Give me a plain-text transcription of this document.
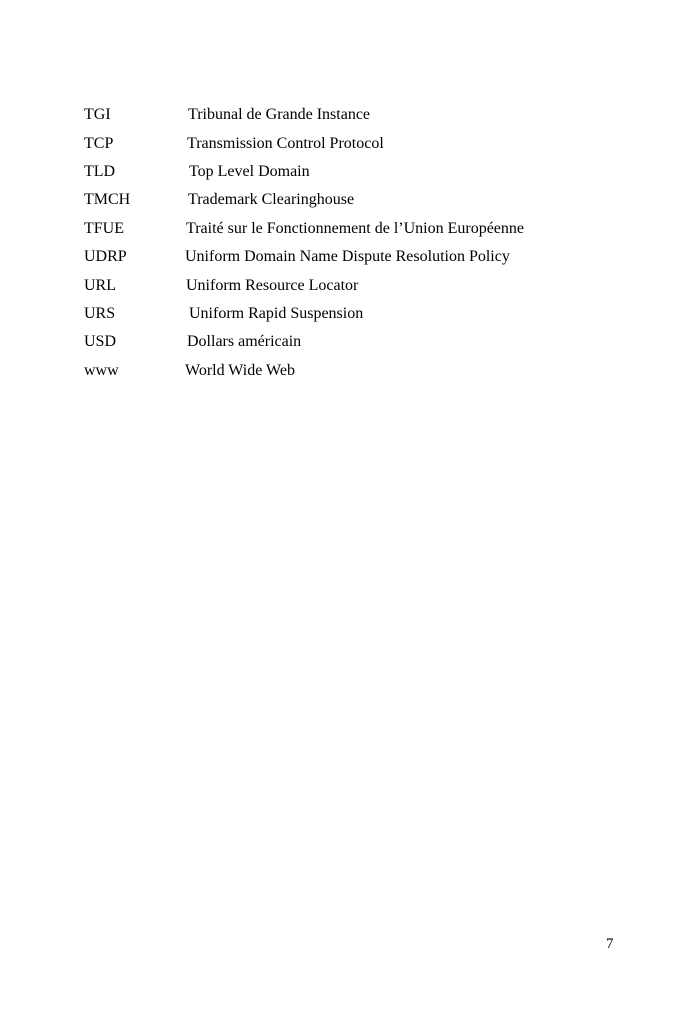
TGI	Tribunal de Grande Instance
TCP	Transmission Control Protocol
TLD	Top Level Domain
TMCH	Trademark Clearinghouse
TFUE	Traité sur le Fonctionnement de l’Union Européenne
UDRP	Uniform Domain Name Dispute Resolution Policy
URL	Uniform Resource Locator
URS	Uniform Rapid Suspension
USD	Dollars américain
www	World Wide Web
7
